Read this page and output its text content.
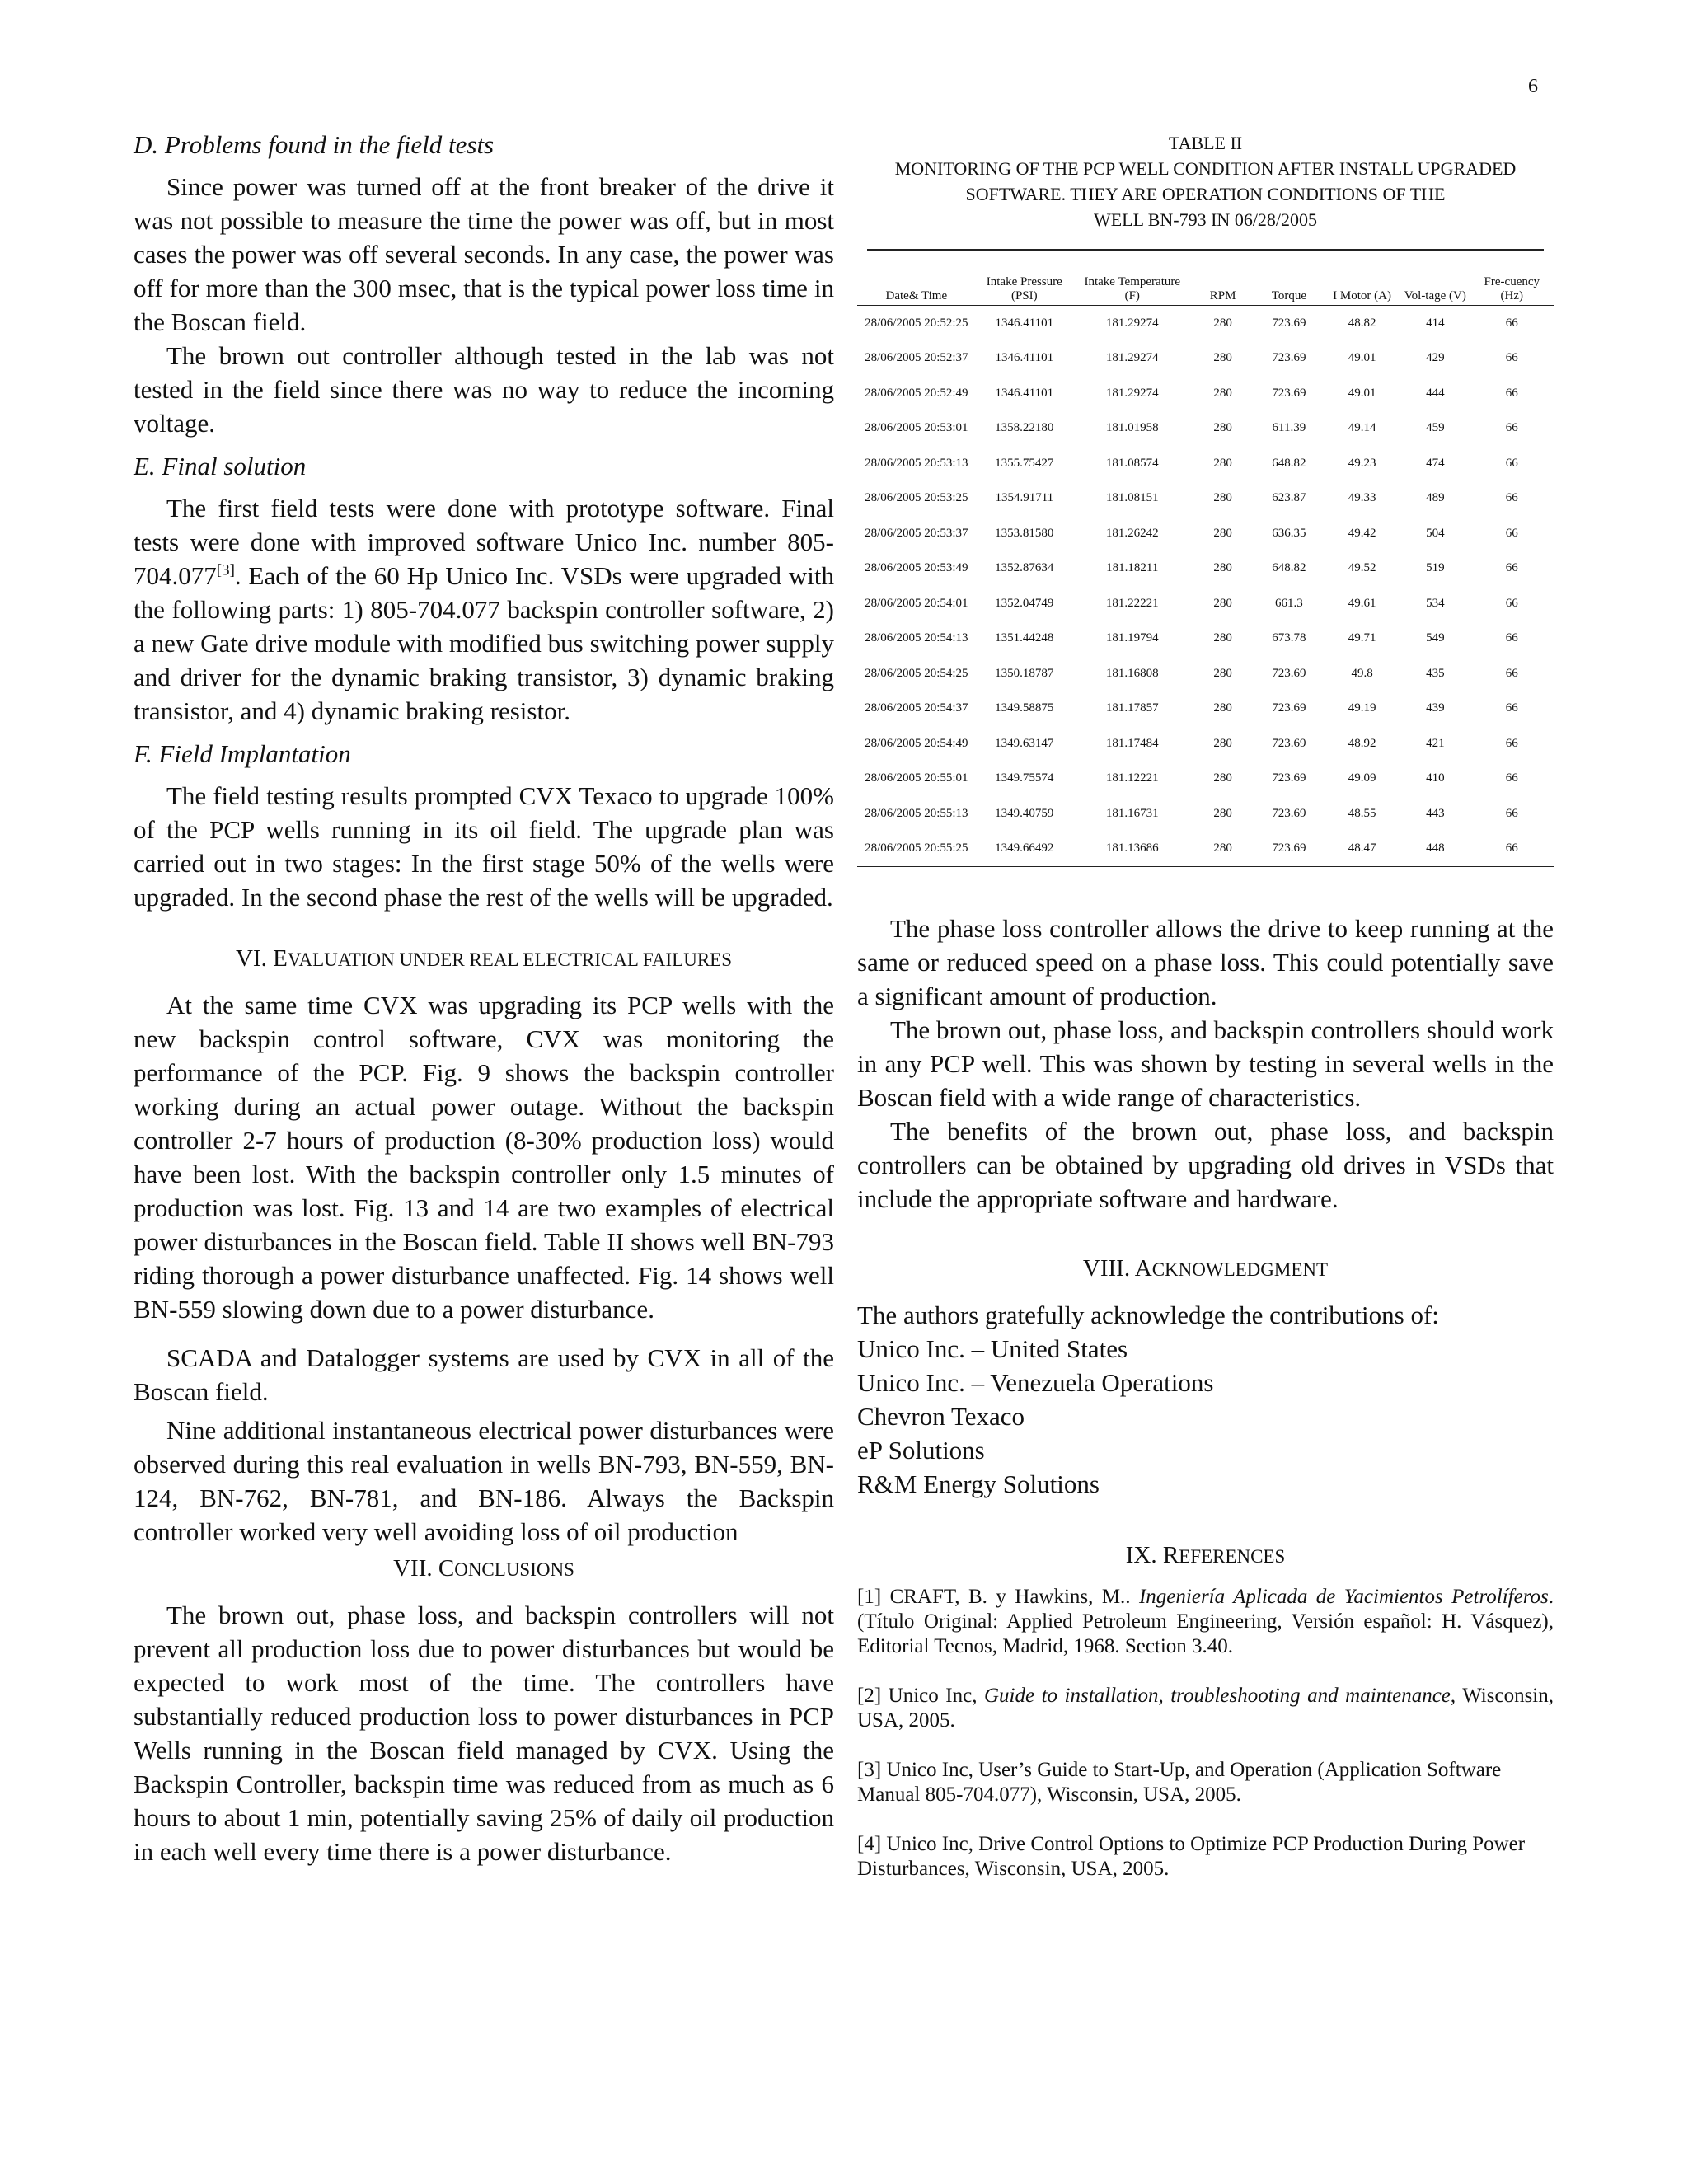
6
D. Problems found in the field tests

Since power was turned off at the front breaker of the drive it was not possible to measure the time the power was off, but in most cases the power was off several seconds. In any case, the power was off for more than the 300 msec, that is the typical power loss time in the Boscan field.

The brown out controller although tested in the lab was not tested in the field since there was no way to reduce the incoming voltage.

E. Final solution

The first field tests were done with prototype software. Final tests were done with improved software Unico Inc. number 805-704.077[3]. Each of the 60 Hp Unico Inc. VSDs were upgraded with the following parts: 1) 805-704.077 backspin controller software, 2) a new Gate drive module with modified bus switching power supply and driver for the dynamic braking transistor, 3) dynamic braking transistor, and 4) dynamic braking resistor.

F. Field Implantation

The field testing results prompted CVX Texaco to upgrade 100% of the PCP wells running in its oil field. The upgrade plan was carried out in two stages: In the first stage 50% of the wells were upgraded. In the second phase the rest of the wells will be upgraded.

VI. EVALUATION UNDER REAL ELECTRICAL FAILURES

At the same time CVX was upgrading its PCP wells with the new backspin control software, CVX was monitoring the performance of the PCP. Fig. 9 shows the backspin controller working during an actual power outage. Without the backspin controller 2-7 hours of production (8-30% production loss) would have been lost. With the backspin controller only 1.5 minutes of production was lost. Fig. 13 and 14 are two examples of electrical power disturbances in the Boscan field. Table II shows well BN-793 riding thorough a power disturbance unaffected. Fig. 14 shows well BN-559 slowing down due to a power disturbance.

SCADA and Datalogger systems are used by CVX in all of the Boscan field.

Nine additional instantaneous electrical power disturbances were observed during this real evaluation in wells BN-793, BN-559, BN-124, BN-762, BN-781, and BN-186. Always the Backspin controller worked very well avoiding loss of oil production

VII. CONCLUSIONS

The brown out, phase loss, and backspin controllers will not prevent all production loss due to power disturbances but would be expected to work most of the time. The controllers have substantially reduced production loss to power disturbances in PCP Wells running in the Boscan field managed by CVX. Using the Backspin Controller, backspin time was reduced from as much as 6 hours to about 1 min, potentially saving 25% of daily oil production in each well every time there is a power disturbance.

TABLE II
MONITORING OF THE PCP WELL CONDITION AFTER INSTALL UPGRADED
SOFTWARE. THEY ARE OPERATION CONDITIONS OF THE
WELL BN-793 IN 06/28/2005
Date& Time	Intake Pressure (PSI)	Intake Temperature (F)	RPM	Torque	I Motor (A)	Vol-tage (V)	Fre-cuency (Hz)
28/06/2005 20:52:25	1346.41101	181.29274	280	723.69	48.82	414	66
28/06/2005 20:52:37	1346.41101	181.29274	280	723.69	49.01	429	66
28/06/2005 20:52:49	1346.41101	181.29274	280	723.69	49.01	444	66
28/06/2005 20:53:01	1358.22180	181.01958	280	611.39	49.14	459	66
28/06/2005 20:53:13	1355.75427	181.08574	280	648.82	49.23	474	66
28/06/2005 20:53:25	1354.91711	181.08151	280	623.87	49.33	489	66
28/06/2005 20:53:37	1353.81580	181.26242	280	636.35	49.42	504	66
28/06/2005 20:53:49	1352.87634	181.18211	280	648.82	49.52	519	66
28/06/2005 20:54:01	1352.04749	181.22221	280	661.3	49.61	534	66
28/06/2005 20:54:13	1351.44248	181.19794	280	673.78	49.71	549	66
28/06/2005 20:54:25	1350.18787	181.16808	280	723.69	49.8	435	66
28/06/2005 20:54:37	1349.58875	181.17857	280	723.69	49.19	439	66
28/06/2005 20:54:49	1349.63147	181.17484	280	723.69	48.92	421	66
28/06/2005 20:55:01	1349.75574	181.12221	280	723.69	49.09	410	66
28/06/2005 20:55:13	1349.40759	181.16731	280	723.69	48.55	443	66
28/06/2005 20:55:25	1349.66492	181.13686	280	723.69	48.47	448	66

The phase loss controller allows the drive to keep running at the same or reduced speed on a phase loss. This could potentially save a significant amount of production.

The brown out, phase loss, and backspin controllers should work in any PCP well. This was shown by testing in several wells in the Boscan field with a wide range of characteristics.

The benefits of the brown out, phase loss, and backspin controllers can be obtained by upgrading old drives in VSDs that include the appropriate software and hardware.

VIII. ACKNOWLEDGMENT
The authors gratefully acknowledge the contributions of:
Unico Inc. – United States
Unico Inc. – Venezuela Operations
Chevron Texaco
eP Solutions
R&M Energy Solutions
IX. REFERENCES
[1] CRAFT, B. y Hawkins, M.. Ingeniería Aplicada de Yacimientos Petrolíferos. (Título Original: Applied Petroleum Engineering, Versión español: H. Vásquez), Editorial Tecnos, Madrid, 1968. Section 3.40.
[2] Unico Inc, Guide to installation, troubleshooting and maintenance, Wisconsin, USA, 2005.
[3] Unico Inc, User’s Guide to Start-Up, and Operation (Application Software Manual 805-704.077), Wisconsin, USA, 2005.
[4] Unico Inc, Drive Control Options to Optimize PCP Production During Power Disturbances, Wisconsin, USA, 2005.
